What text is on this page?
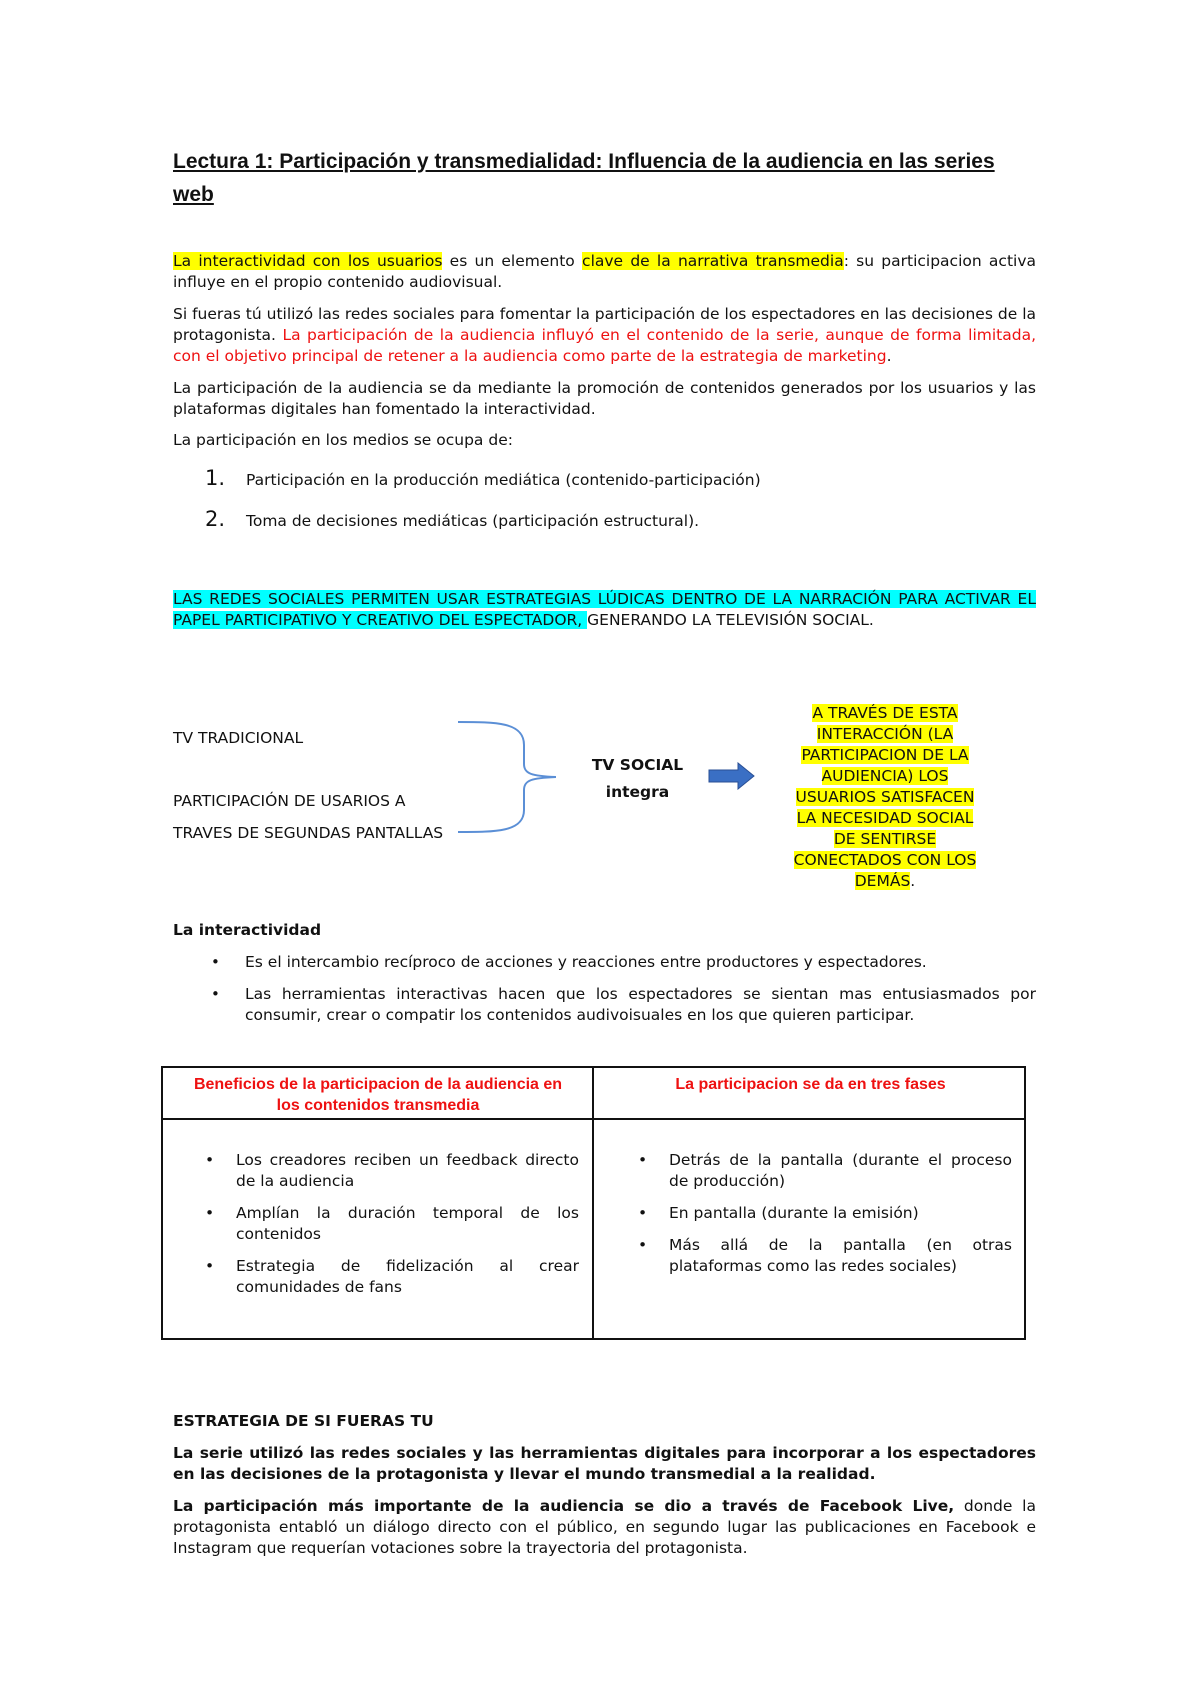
Lectura 1: Participación y transmedialidad: Influencia de la audiencia en las series web

La interactividad con los usuarios es un elemento clave de la narrativa transmedia: su participacion activa influye en el propio contenido audiovisual.

Si fueras tú utilizó las redes sociales para fomentar la participación de los espectadores en las decisiones de la protagonista. La participación de la audiencia influyó en el contenido de la serie, aunque de forma limitada, con el objetivo principal de retener a la audiencia como parte de la estrategia de marketing.

La participación de la audiencia se da mediante la promoción de contenidos generados por los usuarios y las plataformas digitales han fomentado la interactividad.

La participación en los medios se ocupa de:

1. Participación en la producción mediática (contenido-participación)
2. Toma de decisiones mediáticas (participación estructural).

LAS REDES SOCIALES PERMITEN USAR ESTRATEGIAS LÚDICAS DENTRO DE LA NARRACIÓN PARA ACTIVAR EL PAPEL PARTICIPATIVO Y CREATIVO DEL ESPECTADOR, GENERANDO LA TELEVISIÓN SOCIAL.

TV TRADICIONAL
PARTICIPACIÓN DE USARIOS A
TRAVES DE SEGUNDAS PANTALLAS
TV SOCIAL
integra
A TRAVÉS DE ESTA
INTERACCIÓN (LA
PARTICIPACION DE LA
AUDIENCIA) LOS
USUARIOS SATISFACEN
LA NECESIDAD SOCIAL
DE SENTIRSE
CONECTADOS CON LOS
DEMÁS.
La interactividad
• Es el intercambio recíproco de acciones y reacciones entre productores y espectadores.
• Las herramientas interactivas hacen que los espectadores se sientan mas entusiasmados por consumir, crear o compatir los contenidos audivoisuales en los que quieren participar.
Beneficios de la participacion de la audiencia en los contenidos transmedia
La participacion se da en tres fases
• Los creadores reciben un feedback directo de la audiencia
• Amplían la duración temporal de los contenidos
• Estrategia de fidelización al crear comunidades de fans
• Detrás de la pantalla (durante el proceso de producción)
• En pantalla (durante la emisión)
• Más allá de la pantalla (en otras plataformas como las redes sociales)
ESTRATEGIA DE SI FUERAS TU

La serie utilizó las redes sociales y las herramientas digitales para incorporar a los espectadores en las decisiones de la protagonista y llevar el mundo transmedial a la realidad.

La participación más importante de la audiencia se dio a través de Facebook Live, donde la protagonista entabló un diálogo directo con el público, en segundo lugar las publicaciones en Facebook e Instagram que requerían votaciones sobre la trayectoria del protagonista.
